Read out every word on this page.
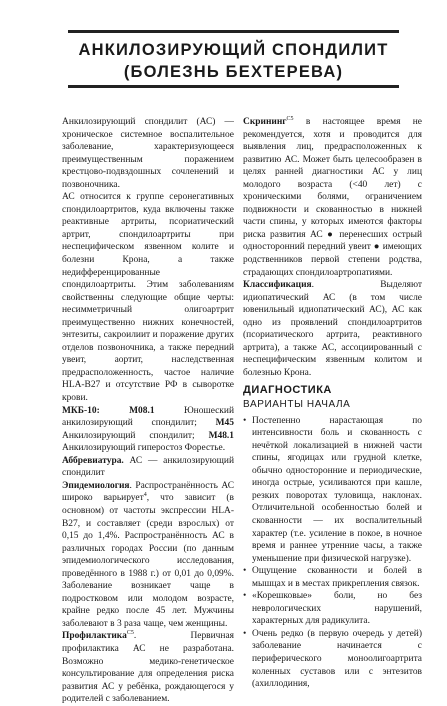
АНКИЛОЗИРУЮЩИЙ СПОНДИЛИТ
(БОЛЕЗНЬ БЕХТЕРЕВА)

Анкилозирующий спондилит (АС) — хроническое системное воспалительное заболевание, характеризующееся преимущественным поражением крестцово-подвздошных сочленений и позвоночника.

АС относится к группе серонегативных спондилоартритов, куда включены также реактивные артриты, псориатический артрит, спондилоартриты при неспецифическом язвенном колите и болезни Крона, а также недифференцированные спондилоартриты. Этим заболеваниям свойственны следующие общие черты: несимметричный олигоартрит преимущественно нижних конечностей, энтезиты, сакроилиит и поражение других отделов позвоночника, а также передний увеит, аортит, наследственная предрасположенность, частое наличие HLA-B27 и отсутствие РФ в сыворотке крови.

МКБ-10:	М08.1 Юношеский анкилозирующий спондилит; М45 Анкилозирующий спондилит; М48.1 Анкилозирующий гиперостоз Форестье.

Аббревиатура. АС — анкилозирующий спондилит

Эпидемиология. Распространённость АС широко варьирует$^4$, что зависит (в основном) от частоты экспрессии HLA-B27, и составляет (среди взрослых) от 0,15 до 1,4%. Распространённость АС в различных городах России (по данным эпидемиологического исследования, проведённого в 1988 г.) от 0,01 до 0,09%. Заболевание возникает чаще в подростковом или молодом возрасте, крайне редко после 45 лет. Мужчины заболевают в 3 раза чаще, чем женщины.

Профилактика$^{C5}$. Первичная профилактика АС не разработана. Возможно медико-генетическое консультирование для определения риска развития АС у ребёнка, рождающегося у родителей с заболеванием.

Скрининг$^{C5}$ в настоящее время не рекомендуется, хотя и проводится для выявления лиц, предрасположенных к развитию АС. Может быть целесообразен в целях ранней диагностики АС у лиц молодого возраста (<40 лет) с хроническими болями, ограничением подвижности и скованностью в нижней части спины, у которых имеются факторы риска развития АС ● перенесших острый односторонний передний увеит ● имеющих родственников первой степени родства, страдающих спондилоартропатиями.

Классификация. Выделяют идиопатический АС (в том числе ювенильный идиопатический АС), АС как одно из проявлений спондилоартритов (псориатического артрита, реактивного артрита), а также АС, ассоциированный с неспецифическим язвенным колитом и болезнью Крона.

ДИАГНОСТИКА
ВАРИАНТЫ НАЧАЛА
• Постепенно нарастающая по интенсивности боль и скованность с нечёткой локализацией в нижней части спины, ягодицах или грудной клетке, обычно односторонние и периодические, иногда острые, усиливаются при кашле, резких поворотах туловища, наклонах. Отличительной особенностью болей и скованности — их воспалительный характер (т.е. усиление в покое, в ночное время и раннее утренние часы, а также уменьшение при физической нагрузке).
• Ощущение скованности и болей в мышцах и в местах прикрепления связок.
• «Корешковые» боли, но без неврологических нарушений, характерных для радикулита.
• Очень редко (в первую очередь у детей) заболевание начинается с периферического моноолигоартрита коленных суставов или с энтезитов (ахиллодиния,
